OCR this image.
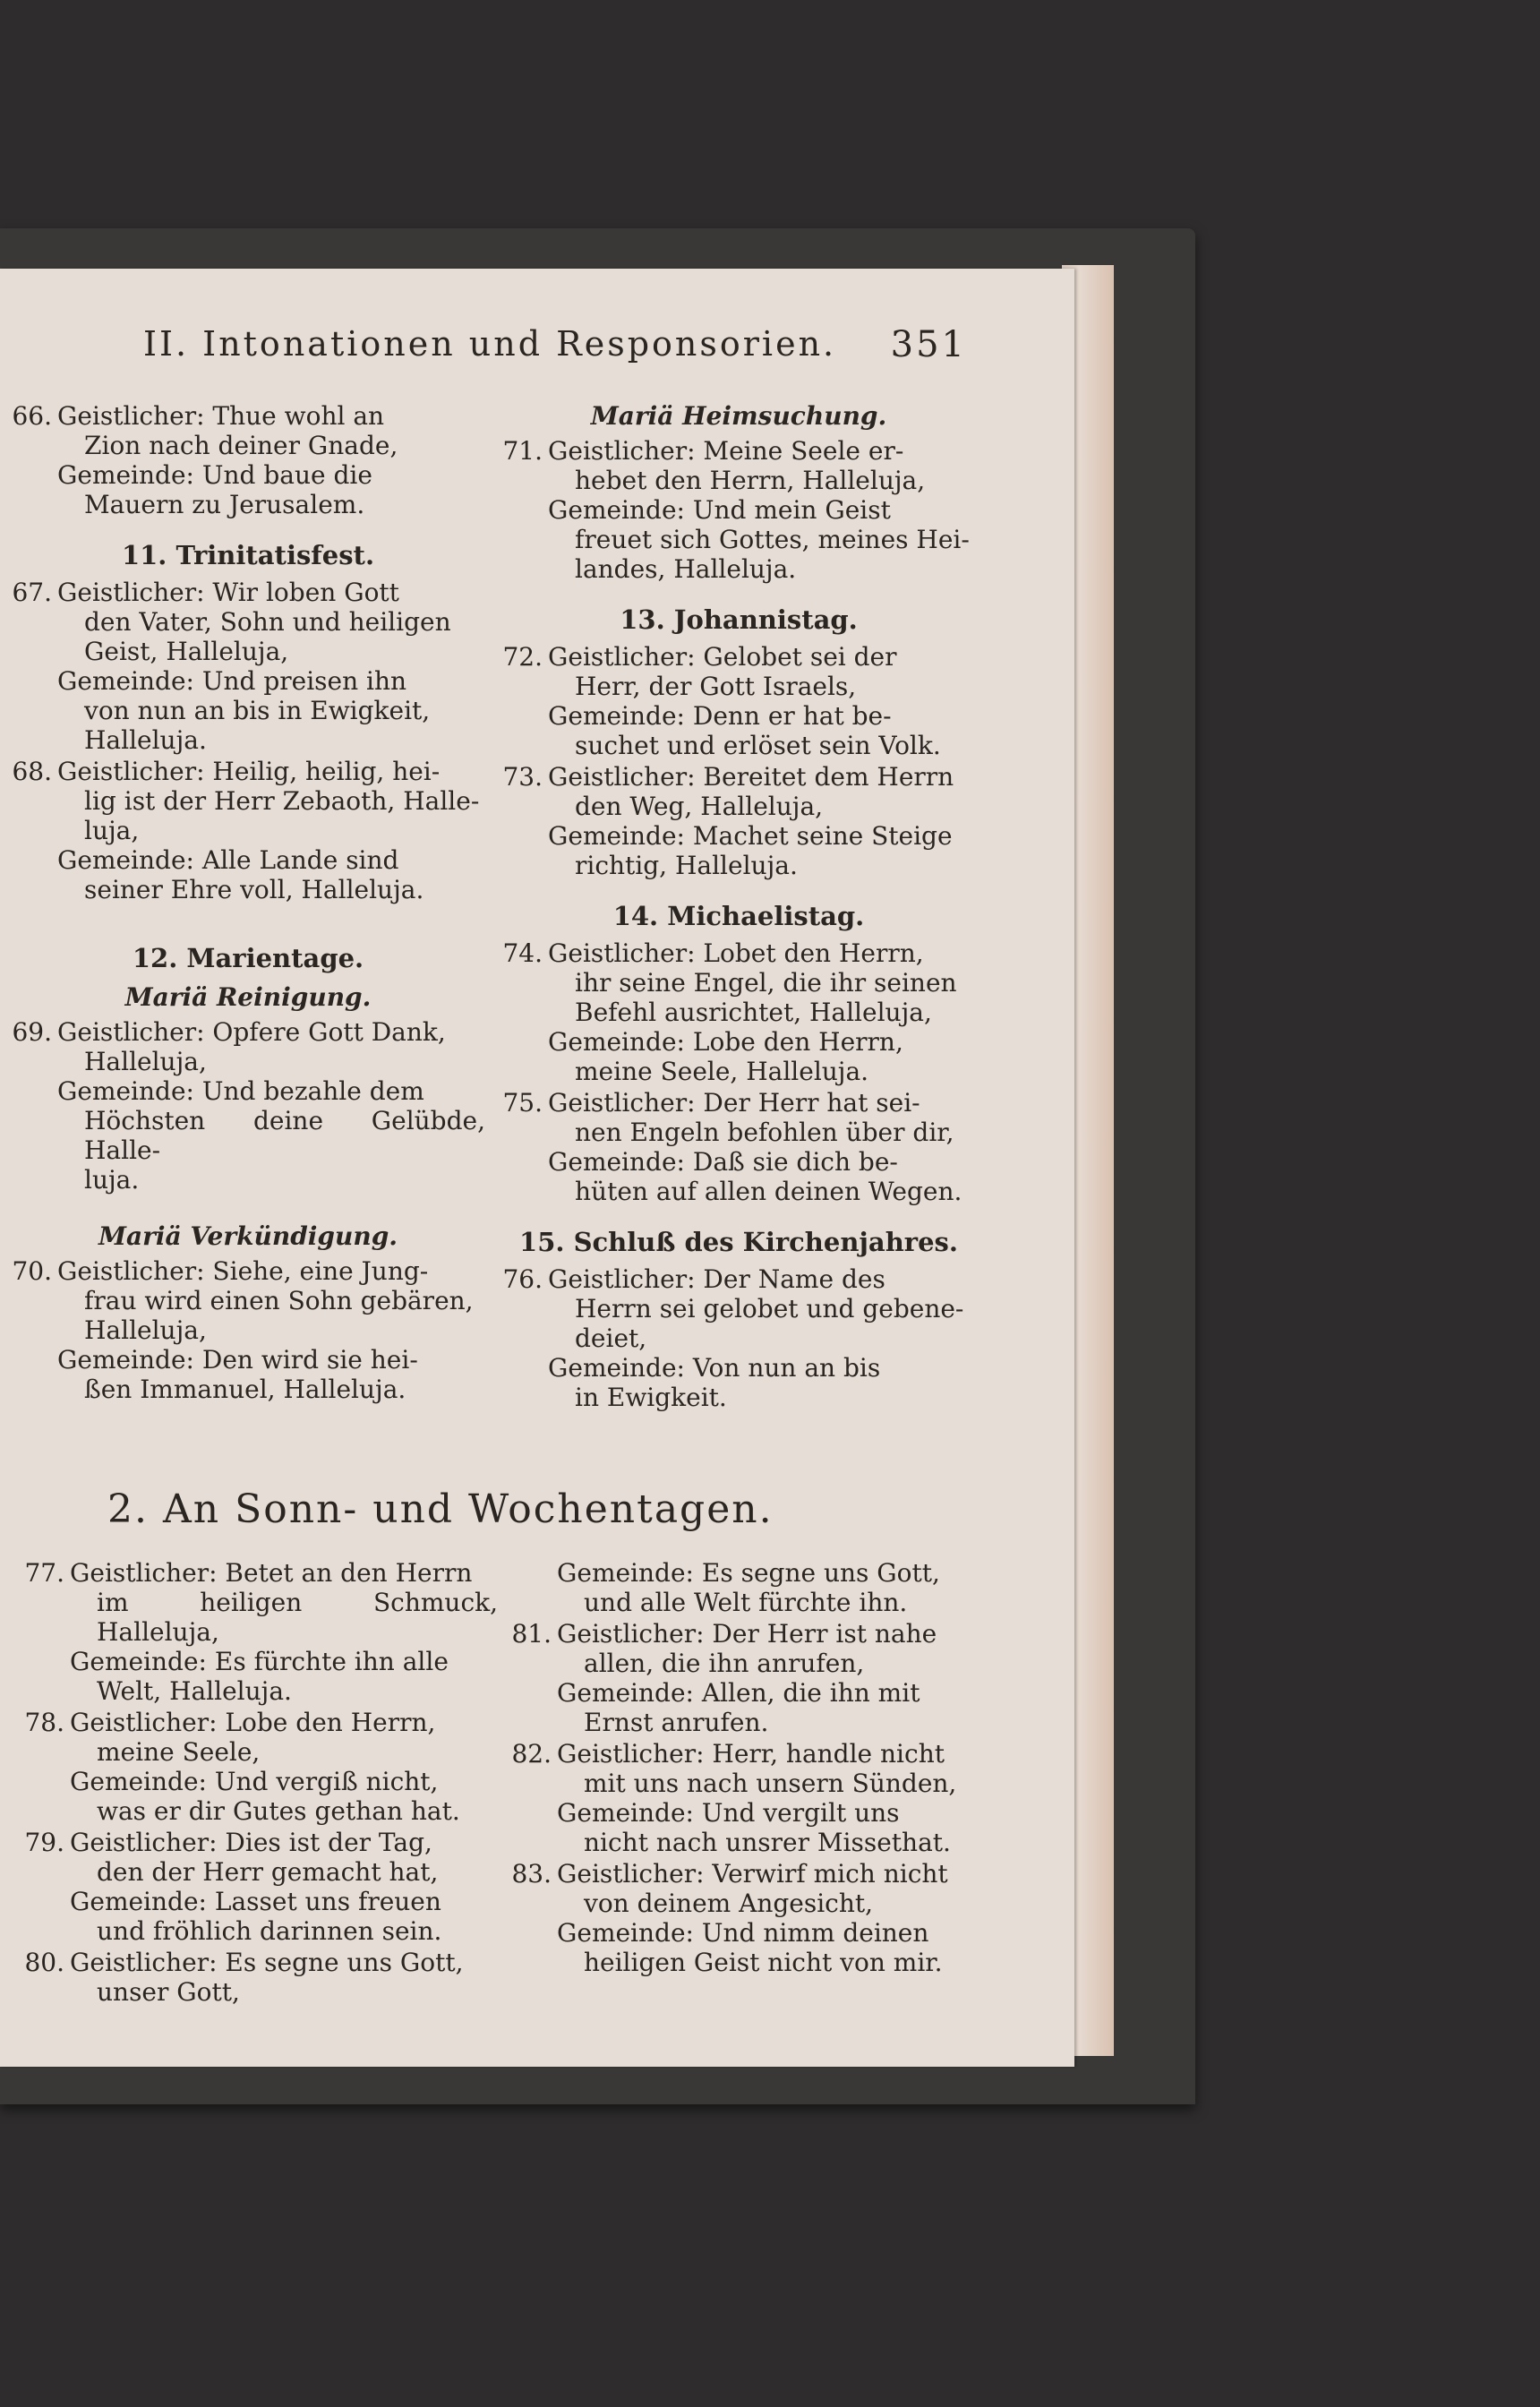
II. Intonationen und Responsorien. 351
66. Geistlicher: Thue wohl an
Zion nach deiner Gnade,
Gemeinde: Und baue die
Mauern zu Jerusalem.
11. Trinitatisfest.
67. Geistlicher: Wir loben Gott
den Vater, Sohn und heiligen
Geist, Halleluja,
Gemeinde: Und preisen ihn
von nun an bis in Ewigkeit,
Halleluja.
68. Geistlicher: Heilig, heilig, hei-
lig ist der Herr Zebaoth, Halle-
luja,
Gemeinde: Alle Lande sind
seiner Ehre voll, Halleluja.
12. Marientage.
Mariä Reinigung.
69. Geistlicher: Opfere Gott Dank,
Halleluja,
Gemeinde: Und bezahle dem
Höchsten deine Gelübde, Halle-
luja.
Mariä Verkündigung.
70. Geistlicher: Siehe, eine Jung-
frau wird einen Sohn gebären,
Halleluja,
Gemeinde: Den wird sie hei-
ßen Immanuel, Halleluja.
Mariä Heimsuchung.
71. Geistlicher: Meine Seele er-
hebet den Herrn, Halleluja,
Gemeinde: Und mein Geist
freuet sich Gottes, meines Hei-
landes, Halleluja.
13. Johannistag.
72. Geistlicher: Gelobet sei der
Herr, der Gott Israels,
Gemeinde: Denn er hat be-
suchet und erlöset sein Volk.
73. Geistlicher: Bereitet dem Herrn
den Weg, Halleluja,
Gemeinde: Machet seine Steige
richtig, Halleluja.
14. Michaelistag.
74. Geistlicher: Lobet den Herrn,
ihr seine Engel, die ihr seinen
Befehl ausrichtet, Halleluja,
Gemeinde: Lobe den Herrn,
meine Seele, Halleluja.
75. Geistlicher: Der Herr hat sei-
nen Engeln befohlen über dir,
Gemeinde: Daß sie dich be-
hüten auf allen deinen Wegen.
15. Schluß des Kirchenjahres.
76. Geistlicher: Der Name des
Herrn sei gelobet und gebene-
deiet,
Gemeinde: Von nun an bis
in Ewigkeit.
2. An Sonn- und Wochentagen.
77. Geistlicher: Betet an den Herrn
im heiligen Schmuck, Halleluja,
Gemeinde: Es fürchte ihn alle
Welt, Halleluja.
78. Geistlicher: Lobe den Herrn,
meine Seele,
Gemeinde: Und vergiß nicht,
was er dir Gutes gethan hat.
79. Geistlicher: Dies ist der Tag,
den der Herr gemacht hat,
Gemeinde: Lasset uns freuen
und fröhlich darinnen sein.
80. Geistlicher: Es segne uns Gott,
unser Gott,
Gemeinde: Es segne uns Gott,
und alle Welt fürchte ihn.
81. Geistlicher: Der Herr ist nahe
allen, die ihn anrufen,
Gemeinde: Allen, die ihn mit
Ernst anrufen.
82. Geistlicher: Herr, handle nicht
mit uns nach unsern Sünden,
Gemeinde: Und vergilt uns
nicht nach unsrer Missethat.
83. Geistlicher: Verwirf mich nicht
von deinem Angesicht,
Gemeinde: Und nimm deinen
heiligen Geist nicht von mir.
